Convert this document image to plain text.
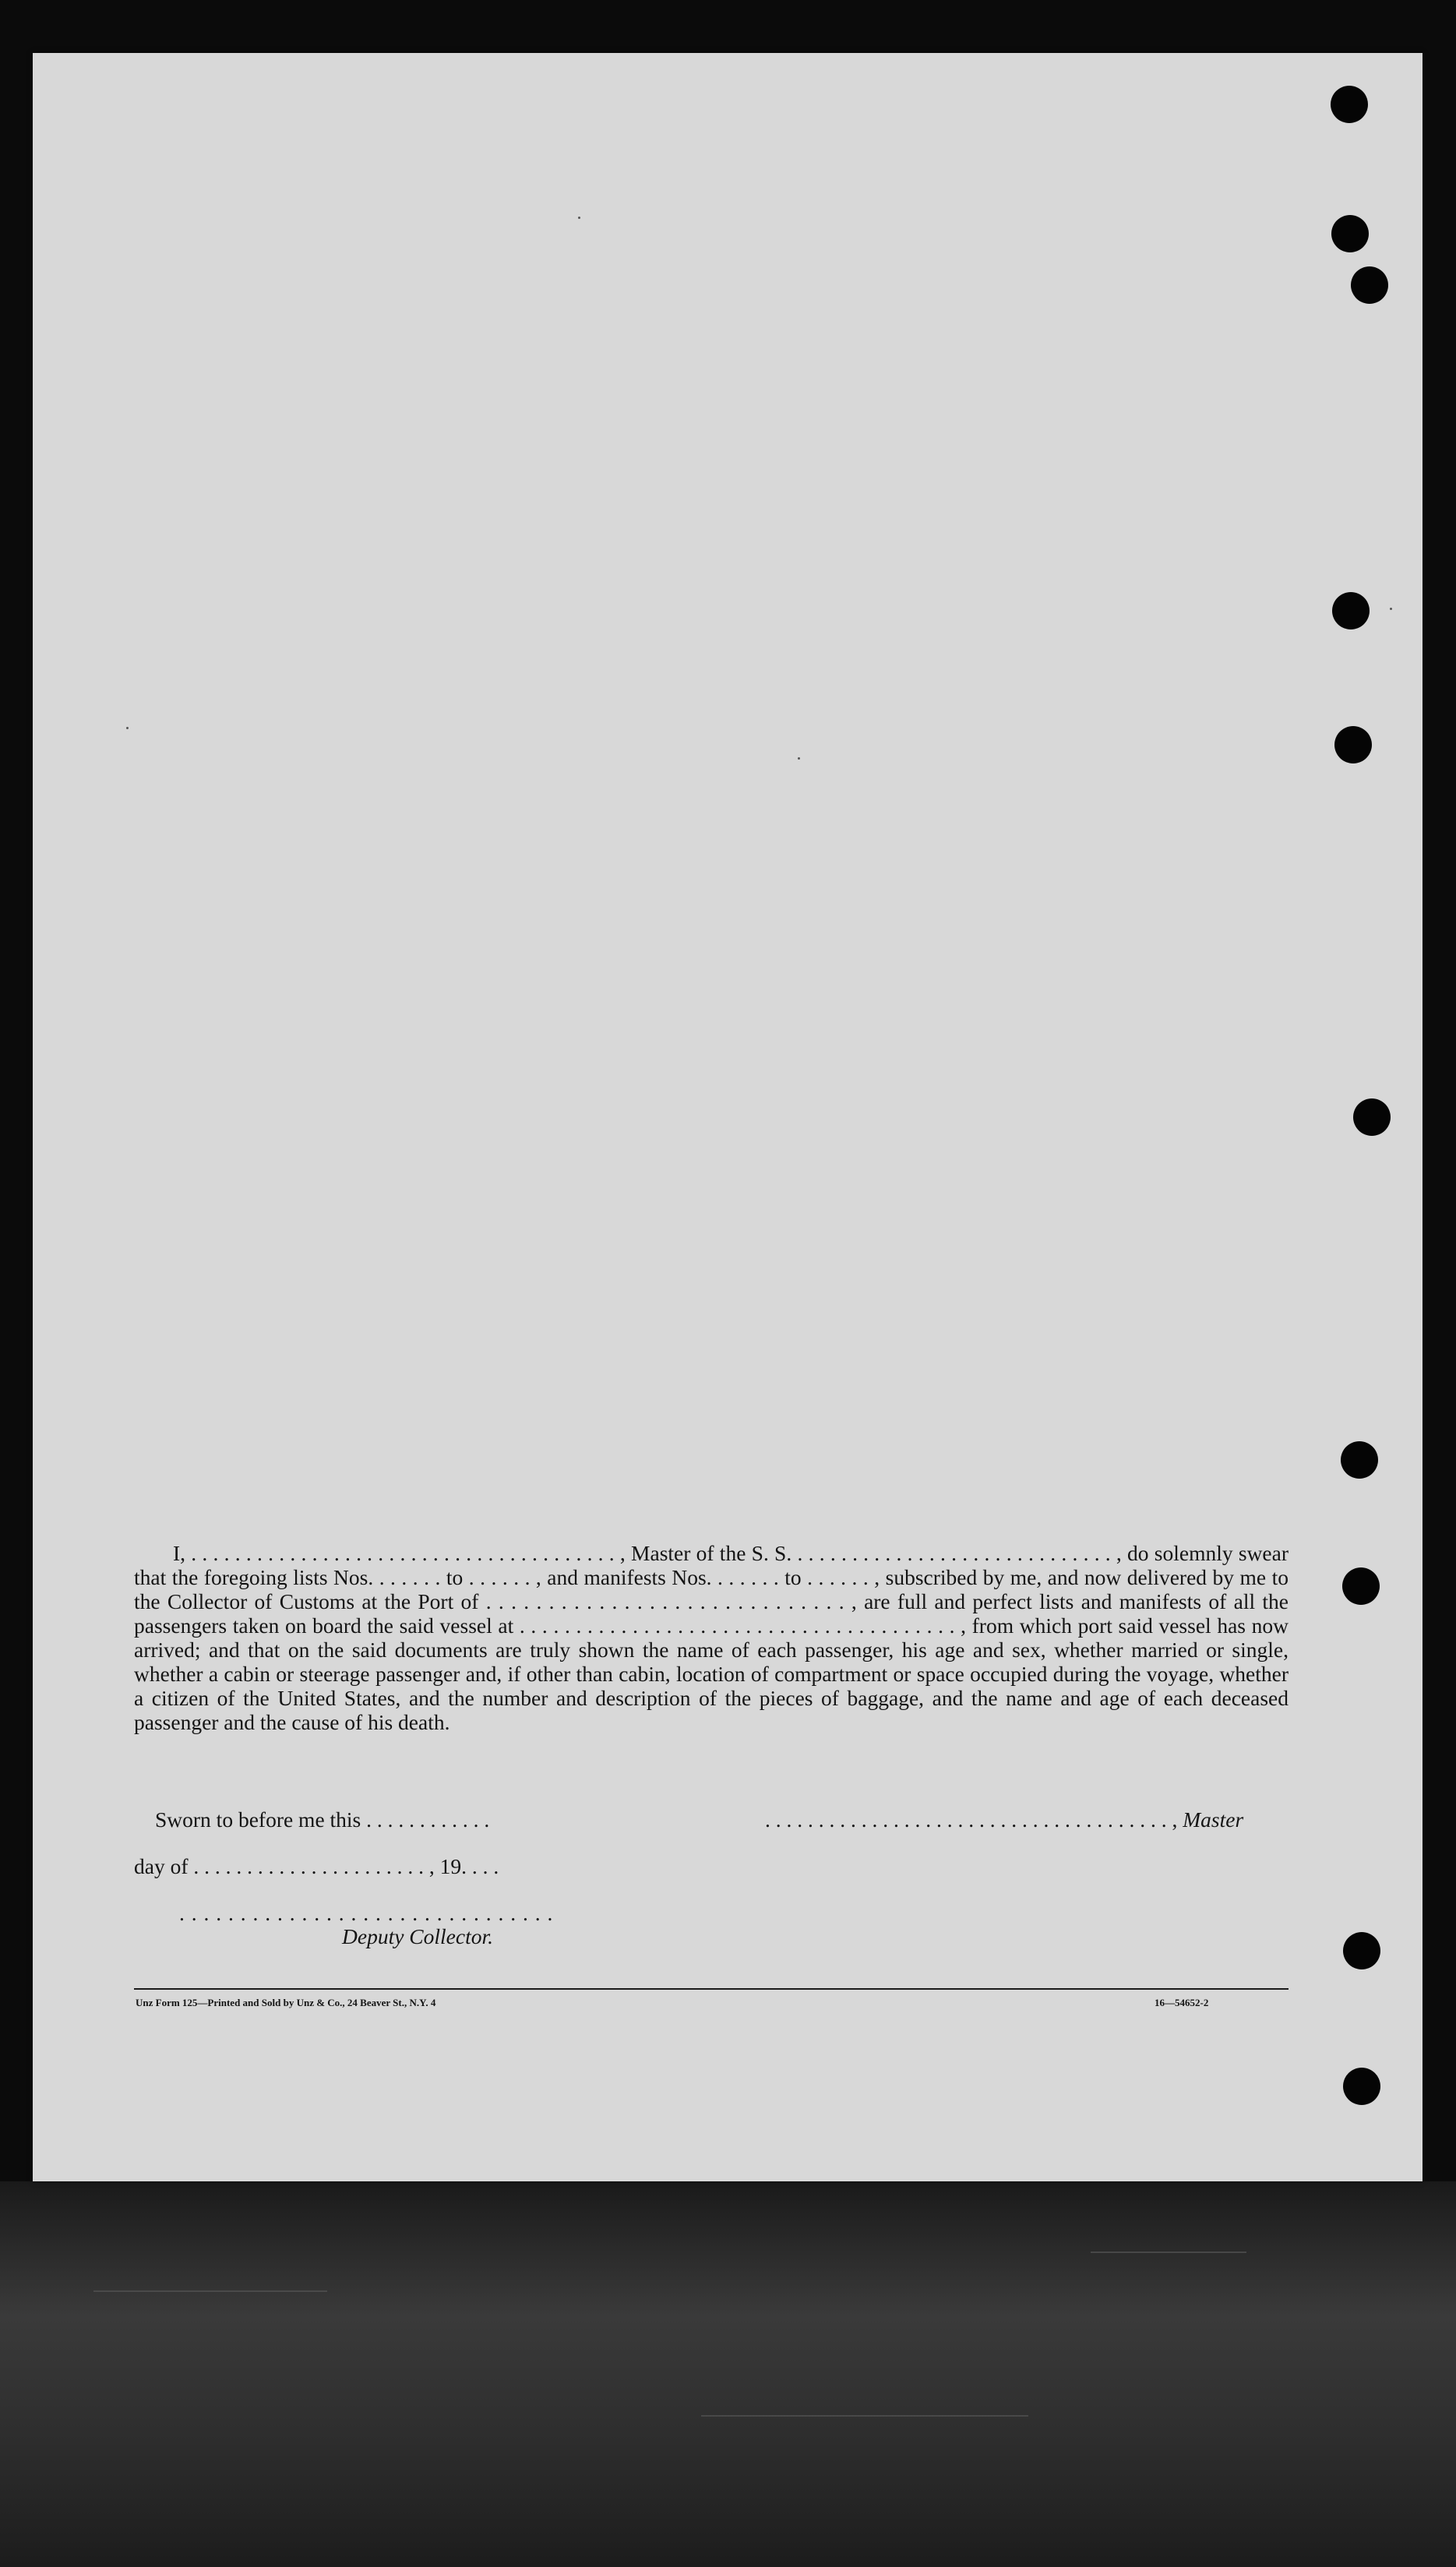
I, . . . . . . . . . . . . . . . . . . . . . . . . . . . . . . . . . . . . . . . , Master of the S. S. . . . . . . . . . . . . . . . . . . . . . . . . . . . . . , do solemnly swear that the foregoing lists Nos. . . . . . . to . . . . . . , and manifests Nos. . . . . . . to . . . . . . , subscribed by me, and now delivered by me to the Collector of Customs at the Port of . . . . . . . . . . . . . . . . . . . . . . . . . . . . . , are full and perfect lists and manifests of all the passengers taken on board the said vessel at . . . . . . . . . . . . . . . . . . . . . . . . . . . . . . . . . . . . . . . , from which port said vessel has now arrived; and that on the said documents are truly shown the name of each passenger, his age and sex, whether married or single, whether a cabin or steerage passenger and, if other than cabin, location of compartment or space occupied during the voyage, whether a citizen of the United States, and the number and description of the pieces of baggage, and the name and age of each deceased passenger and the cause of his death.

Sworn to before me this . . . . . . . . . . . .	. . . . . . . . . . . . . . . . . . . . . . . . . . . . . . . . . . . . . . , Master
day of . . . . . . . . . . . . . . . . . . . . . . , 19. . . .
. . . . . . . . . . . . . . . . . . . . . . . . . . . . . . .
Deputy Collector.
Unz Form 125—Printed and Sold by Unz & Co., 24 Beaver St., N.Y. 4	16—54652-2
